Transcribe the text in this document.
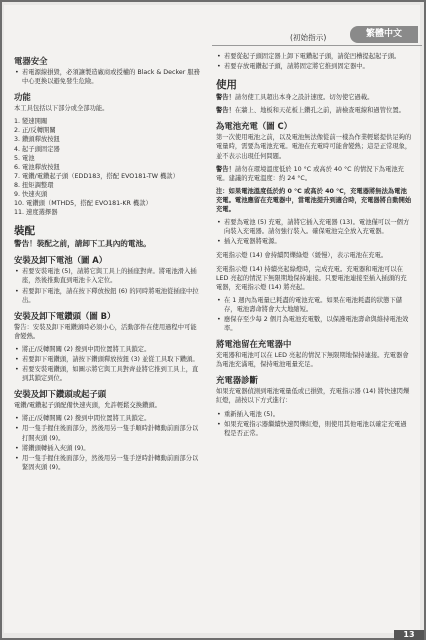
(初始指示)	繁體中文
電器安全
• 若電源線損毀，必須讓製造廠商或授權的 Black & Decker 服務中心更換以避免發生危險。
功能

本工具包括以下部分或全部功能。

1. 變速開關
2. 正/反轉開關
3. 鑽頭釋放按鈕
4. 起子頭固定器
5. 電池
6. 電池釋放按鈕
7. 電鑽/電鑽起子頭（EDD183，搭配 EVO181-TW 機款）
8. 扭矩調整環
9. 快速夾頭
10. 電鑽頭（MTHD5，搭配 EVO181-KR 機款）
11. 速度選擇器
裝配
警告！裝配之前，請卸下工具內的電池。
安裝及卸下電池（圖 A）
• 若要安裝電池 (5)，請將它與工具上的插座對齊。將電池滑入插座，然後推動直到電池卡入定位。
• 若要卸下電池，請在按下釋放按鈕 (6) 的同時將電池從插座中拉出。
安裝及卸下電鑽頭（圖 B）

警告：安裝及卸下電鑽頭時必須小心，活動部件在使用過程中可能會變熱。

• 將正/反轉開關 (2) 撥到中間位置將工具鎖定。
• 若要卸下電鑽頭，請按下鑽頭釋放按鈕 (3) 並從工具取下鑽頭。
• 若要安裝電鑽頭，如圖示將它與工具對齊並將它推到工具上，直到其鎖定到位。
安裝及卸下鑽頭或起子頭

電鑽/電鑽起子頭配備快速夾頭，允許輕鬆交換鑽頭。

• 將正/反轉開關 (2) 撥到中間位置將工具鎖定。
• 用一隻手握住後面部分，然後用另一隻手順時針轉動前面部分以打開夾頭 (9)。
• 將鑽頭轉插入夾頭 (9)。
• 用一隻手握住後面部分，然後用另一隻手逆時針轉動前面部分以緊固夾頭 (9)。
• 若要從起子頭固定器上卸下電鑽起子頭，請從凹槽提起起子頭。
• 若要存放電鑽起子頭，請將固定將它推到固定器中。
使用

警告！請勿使工具超出本身之設計速度。切勿使它過載。

警告！在牆上、地板和天花板上鑽孔之前，請檢查電線和過管位置。

為電池充電（圖 C）

第一次使用電池之前，以及電池無法像從前一樣為作業輕鬆提供足夠的電量時，需要為電池充電。電池在充電時可能會變熱；這是正常現象，並不表示出現任何問題。

警告！請勿在環境溫度低於 10 °C 或高於 40 °C 的情況下為電池充電。建議的充電溫度：約 24 °C。

注：如果電池溫度低於約 0 °C 或高於 40 °C，充電器將無法為電池充電。電池應留在充電器中，當電池提升到適合時，充電器將自動開始充電。

• 若要為電池 (5) 充電，請將它插入充電器 (13)。電池僅可以一個方向裝入充電器。請勿強行裝入。確保電池完全放入充電器。
• 插入充電器將電源。

充電指示燈 (14) 會持續閃爍綠燈（緩慢），表示電池在充電。

充電指示燈 (14) 持續亮起綠燈時，完成充電。充電器和電池可以在 LED 亮起的情況下無限期地保持連接。只要電池連接至插入插頭的充電器，充電指示燈 (14) 將亮起。

• 在 1 週內為電量已耗盡的電池充電。如果在電池耗盡的狀態下儲存，電池壽命將會大大地縮短。
• 應保存至少每 2 個月為電池充電數，以保護電池壽命與維持電池效率。
將電池留在充電器中

充電器和電池可以在 LED 亮起的情況下無限期地保持連接。充電器會為電池充滿電，保持電池電量充足。

充電器診斷

如果充電器偵測到電池電量低或已損毀，充電指示器 (14) 將快速閃爍紅燈，請按以下方式進行：

• 重新插入電池 (5)。
• 如果充電指示器繼續快速閃爍紅燈，則使用其他電池以確定充電過程是否正常。
13
